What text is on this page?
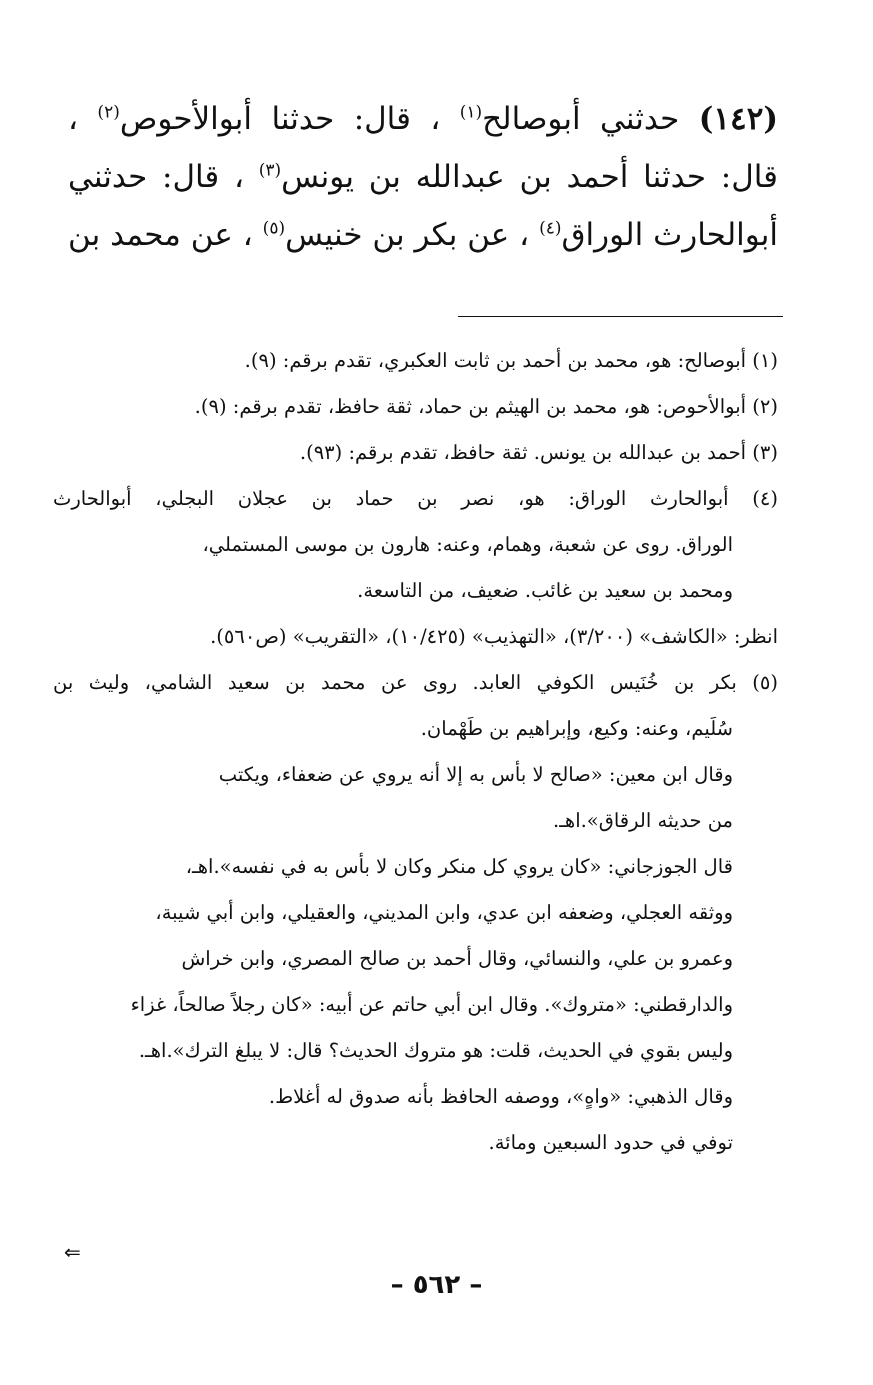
(١٤٢) حدثني أبوصالح$^{(١)}$ ، قال: حدثنا أبوالأحوص$^{(٢)}$ ،
قال: حدثنا أحمد بن عبدالله بن يونس$^{(٣)}$ ، قال: حدثني
أبوالحارث الوراق$^{(٤)}$ ، عن بكر بن خنيس$^{(٥)}$ ، عن محمد بن

(١) أبوصالح: هو، محمد بن أحمد بن ثابت العكبري، تقدم برقم: (٩).

(٢) أبوالأحوص: هو، محمد بن الهيثم بن حماد، ثقة حافظ، تقدم برقم: (٩).

(٣) أحمد بن عبدالله بن يونس. ثقة حافظ، تقدم برقم: (٩٣).

(٤) أبوالحارث الوراق: هو، نصر بن حماد بن عجلان البجلي، أبوالحارث
الوراق. روى عن شعبة، وهمام، وعنه: هارون بن موسى المستملي،
ومحمد بن سعيد بن غائب. ضعيف، من التاسعة.
انظر: «الكاشف» (٣/٢٠٠)، «التهذيب» (١٠/٤٢٥)، «التقريب» (ص٥٦٠).

(٥) بكر بن خُنَيس الكوفي العابد. روى عن محمد بن سعيد الشامي، وليث بن
سُلَيم، وعنه: وكيع، وإبراهيم بن طَهْمان.
وقال ابن معين: «صالح لا بأس به إلا أنه يروي عن ضعفاء، ويكتب
من حديثه الرقاق».اهـ.
قال الجوزجاني: «كان يروي كل منكر وكان لا بأس به في نفسه».اهـ،
ووثقه العجلي، وضعفه ابن عدي، وابن المديني، والعقيلي، وابن أبي شيبة،
وعمرو بن علي، والنسائي، وقال أحمد بن صالح المصري، وابن خراش
والدارقطني: «متروك». وقال ابن أبي حاتم عن أبيه: «كان رجلاً صالحاً، غزاء
وليس بقوي في الحديث، قلت: هو متروك الحديث؟ قال: لا يبلغ الترك».اهـ.
وقال الذهبي: «واهٍ»، ووصفه الحافظ بأنه صدوق له أغلاط.
توفي في حدود السبعين ومائة.

⇐
– ٥٦٢ –
